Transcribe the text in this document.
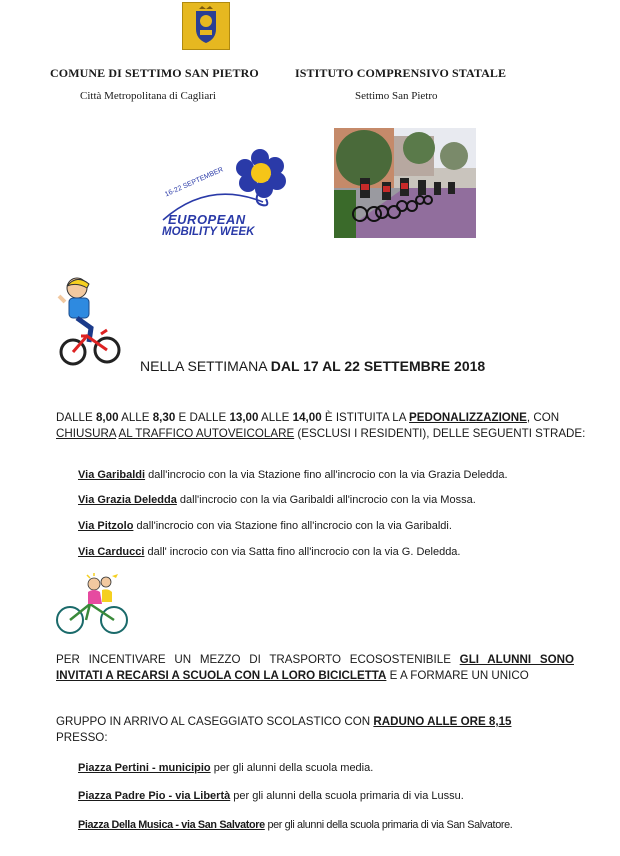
COMUNE DI SETTIMO SAN PIETRO
Città Metropolitana di Cagliari
ISTITUTO COMPRENSIVO STATALE
Settimo San Pietro
16-22 SEPTEMBER
EUROPEAN
MOBILITY WEEK
NELLA SETTIMANA DAL 17 AL 22 SETTEMBRE 2018
DALLE 8,00 ALLE 8,30 E DALLE 13,00 ALLE 14,00 È ISTITUITA LA PEDONALIZZAZIONE, CON CHIUSURA AL TRAFFICO AUTOVEICOLARE (ESCLUSI I RESIDENTI), DELLE SEGUENTI STRADE:
Via Garibaldi dall'incrocio con la via Stazione fino all'incrocio con la via Grazia Deledda.
Via Grazia Deledda dall'incrocio con la via Garibaldi all'incrocio con la via Mossa.
Via Pitzolo dall'incrocio con via Stazione fino all'incrocio con la via Garibaldi.
Via Carducci dall' incrocio con via Satta fino all'incrocio con la via G. Deledda.
PER INCENTIVARE UN MEZZO DI TRASPORTO ECOSOSTENIBILE GLI ALUNNI SONO INVITATI A RECARSI A SCUOLA CON LA LORO BICICLETTA E A FORMARE UN UNICO
GRUPPO IN ARRIVO AL CASEGGIATO SCOLASTICO CON RADUNO ALLE ORE 8,15
PRESSO:
Piazza Pertini - municipio per gli alunni della scuola media.
Piazza Padre Pio - via Libertà per gli alunni della scuola primaria di via Lussu.
Piazza Della Musica - via San Salvatore per gli alunni della scuola primaria di via San Salvatore.
